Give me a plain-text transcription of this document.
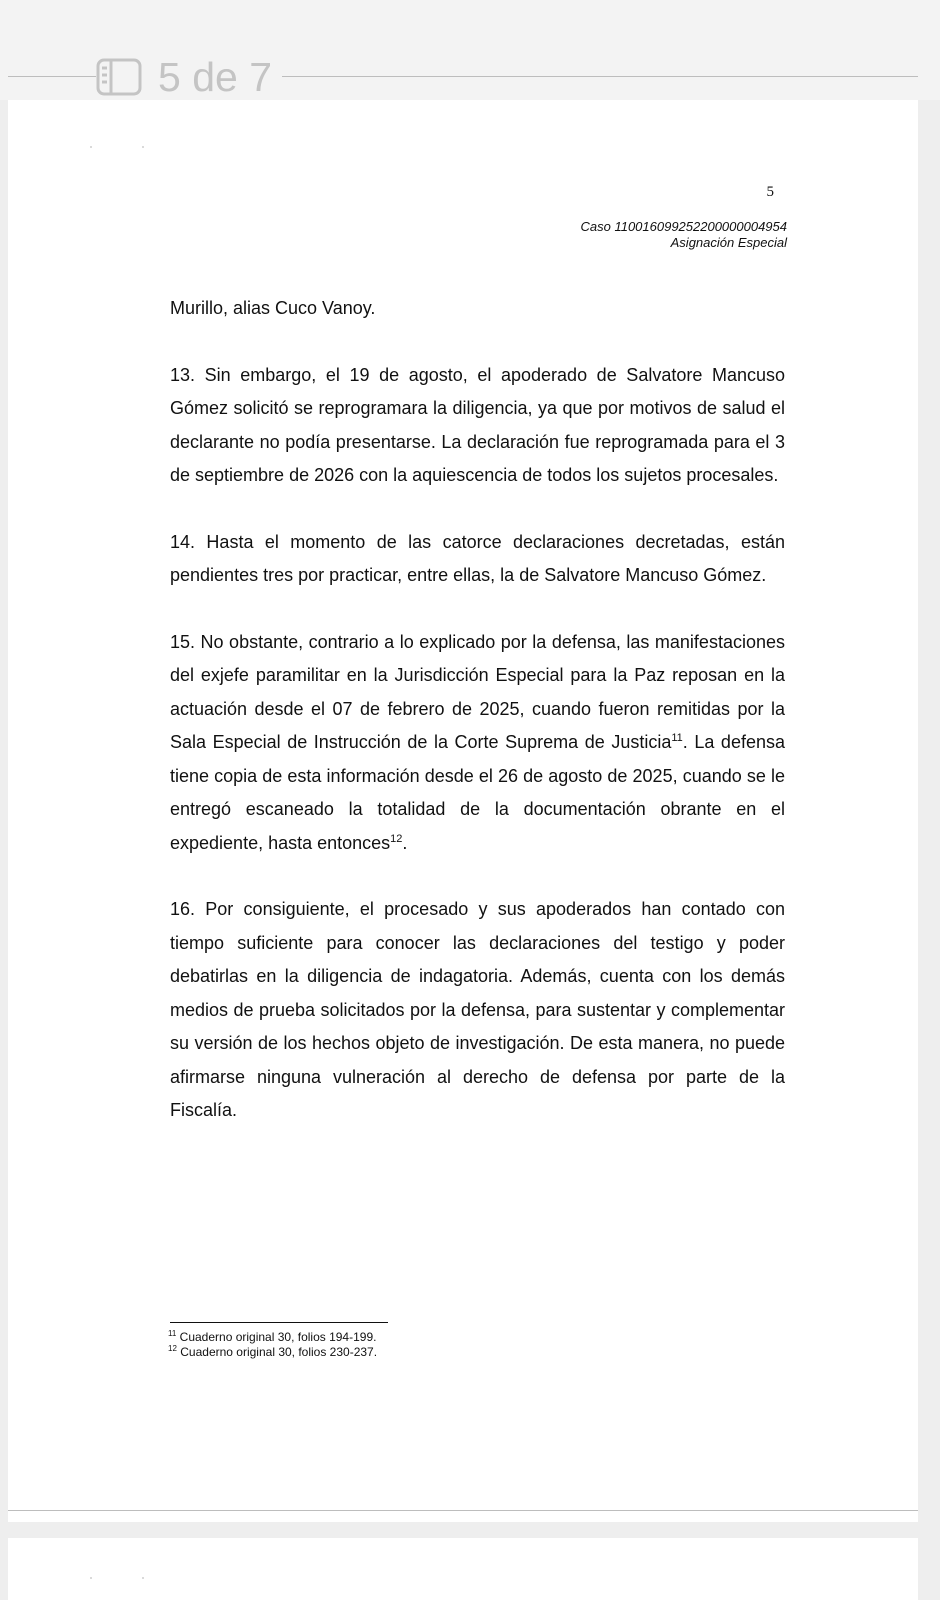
5 de 7
5
Caso 110016099252200000004954
Asignación Especial

Murillo, alias Cuco Vanoy.

13. Sin embargo, el 19 de agosto, el apoderado de Salvatore Mancuso Gómez solicitó se reprogramara la diligencia, ya que por motivos de salud el declarante no podía presentarse. La declaración fue reprogramada para el 3 de septiembre de 2026 con la aquiescencia de todos los sujetos procesales.

14. Hasta el momento de las catorce declaraciones decretadas, están pendientes tres por practicar, entre ellas, la de Salvatore Mancuso Gómez.

15. No obstante, contrario a lo explicado por la defensa, las manifestaciones del exjefe paramilitar en la Jurisdicción Especial para la Paz reposan en la actuación desde el 07 de febrero de 2025, cuando fueron remitidas por la Sala Especial de Instrucción de la Corte Suprema de Justicia$^{11}$. La defensa tiene copia de esta información desde el 26 de agosto de 2025, cuando se le entregó escaneado la totalidad de la documentación obrante en el expediente, hasta entonces$^{12}$.

16. Por consiguiente, el procesado y sus apoderados han contado con tiempo suficiente para conocer las declaraciones del testigo y poder debatirlas en la diligencia de indagatoria. Además, cuenta con los demás medios de prueba solicitados por la defensa, para sustentar y complementar su versión de los hechos objeto de investigación. De esta manera, no puede afirmarse ninguna vulneración al derecho de defensa por parte de la Fiscalía.

$^{11}$ Cuaderno original 30, folios 194-199.
$^{12}$ Cuaderno original 30, folios 230-237.
